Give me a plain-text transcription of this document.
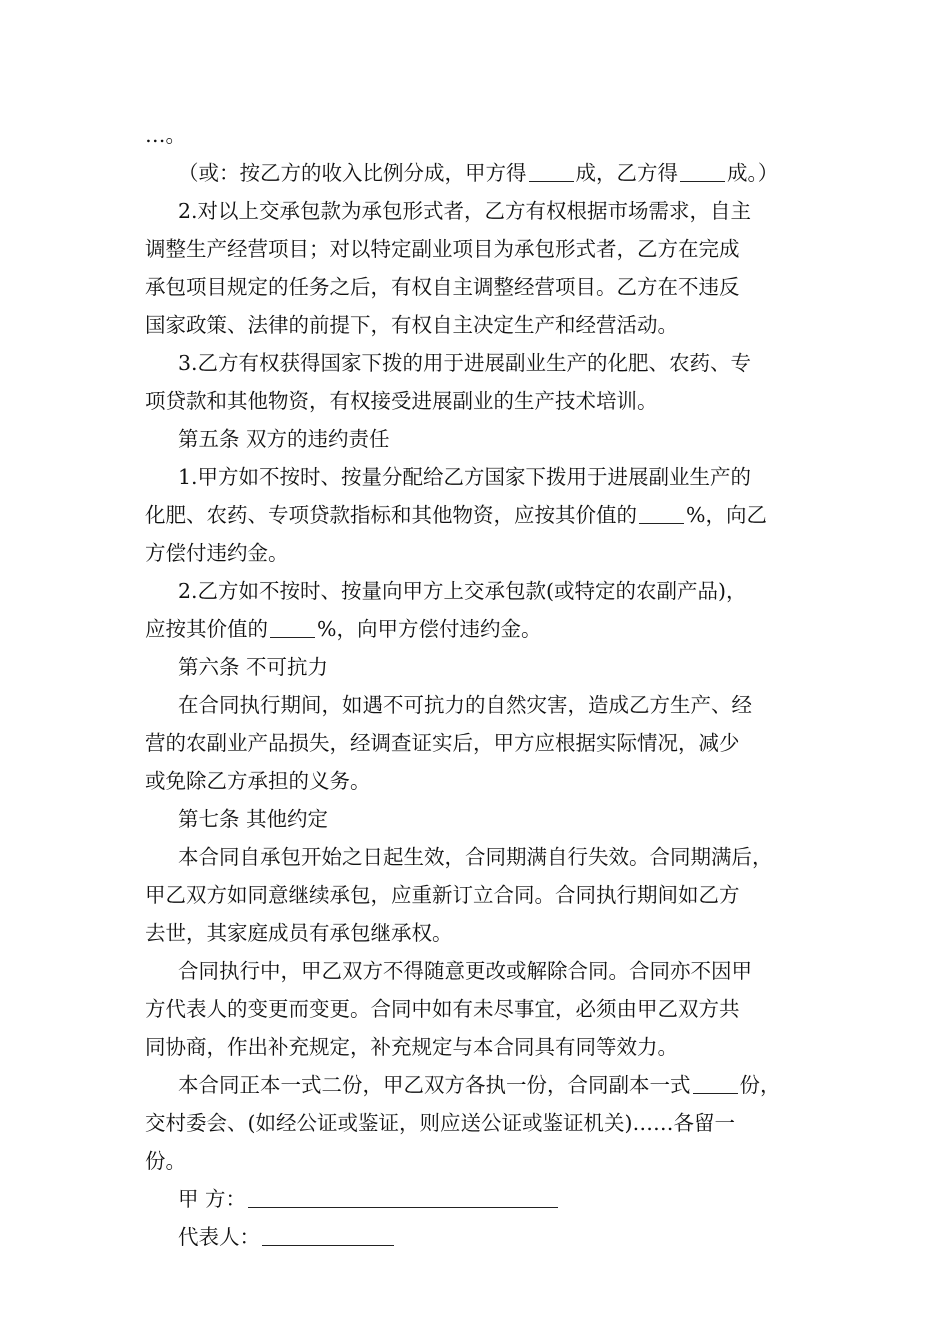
…。
（或：按乙方的收入比例分成，甲方得 成，乙方得 成。）
2.对以上交承包款为承包形式者，乙方有权根据市场需求，自主
调整生产经营项目；对以特定副业项目为承包形式者，乙方在完成
承包项目规定的任务之后，有权自主调整经营项目。乙方在不违反
国家政策、法律的前提下，有权自主决定生产和经营活动。
3.乙方有权获得国家下拨的用于进展副业生产的化肥、农药、专
项贷款和其他物资，有权接受进展副业的生产技术培训。
第五条 双方的违约责任
1.甲方如不按时、按量分配给乙方国家下拨用于进展副业生产的
化肥、农药、专项贷款指标和其他物资，应按其价值的 %，向乙
方偿付违约金。
2.乙方如不按时、按量向甲方上交承包款(或特定的农副产品)，
应按其价值的 %，向甲方偿付违约金。
第六条 不可抗力
在合同执行期间，如遇不可抗力的自然灾害，造成乙方生产、经
营的农副业产品损失，经调查证实后，甲方应根据实际情况，减少
或免除乙方承担的义务。
第七条 其他约定
本合同自承包开始之日起生效，合同期满自行失效。合同期满后，
甲乙双方如同意继续承包，应重新订立合同。合同执行期间如乙方
去世，其家庭成员有承包继承权。
合同执行中，甲乙双方不得随意更改或解除合同。合同亦不因甲
方代表人的变更而变更。合同中如有未尽事宜，必须由甲乙双方共
同协商，作出补充规定，补充规定与本合同具有同等效力。
本合同正本一式二份，甲乙双方各执一份，合同副本一式 份，
交村委会、(如经公证或鉴证，则应送公证或鉴证机关)……各留一
份。
甲 方：
代表人：
